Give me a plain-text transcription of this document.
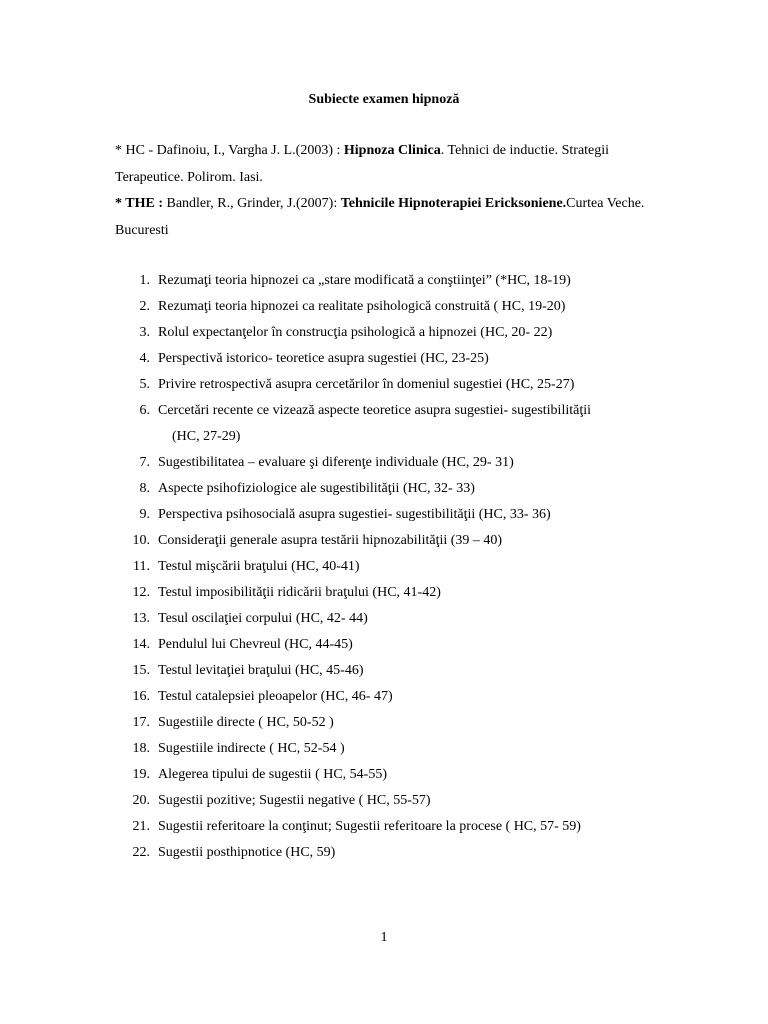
Subiecte examen hipnoză

* HC - Dafinoiu, I., Vargha J. L.(2003) : Hipnoza Clinica. Tehnici de inductie. Strategii Terapeutice. Polirom. Iasi.

* THE : Bandler, R., Grinder, J.(2007): Tehnicile Hipnoterapiei Ericksoniene.Curtea Veche. Bucuresti

1. Rezumaţi teoria hipnozei ca „stare modificată a conştiinţei” (*HC, 18-19)
2. Rezumaţi teoria hipnozei ca realitate psihologică construită ( HC, 19-20)
3. Rolul expectanţelor în construcţia psihologică a hipnozei (HC, 20- 22)
4. Perspectivă istorico- teoretice asupra sugestiei (HC, 23-25)
5. Privire retrospectivă asupra cercetărilor în domeniul sugestiei (HC, 25-27)
6. Cercetări recente ce vizează aspecte teoretice asupra sugestiei- sugestibilităţii
(HC, 27-29)
7. Sugestibilitatea – evaluare şi diferenţe individuale (HC, 29- 31)
8. Aspecte psihofiziologice ale sugestibilităţii (HC, 32- 33)
9. Perspectiva psihosocială asupra sugestiei- sugestibilităţii (HC, 33- 36)
10. Consideraţii generale asupra testării hipnozabilităţii (39 – 40)
11. Testul mişcării braţului (HC, 40-41)
12. Testul imposibilităţii ridicării braţului (HC, 41-42)
13. Tesul oscilaţiei corpului (HC, 42- 44)
14. Pendulul lui Chevreul (HC, 44-45)
15. Testul levitaţiei braţului (HC, 45-46)
16. Testul catalepsiei pleoapelor (HC, 46- 47)
17. Sugestiile directe ( HC, 50-52 )
18. Sugestiile indirecte ( HC, 52-54 )
19. Alegerea tipului de sugestii ( HC, 54-55)
20. Sugestii pozitive; Sugestii negative ( HC, 55-57)
21. Sugestii referitoare la conţinut; Sugestii referitoare la procese ( HC, 57- 59)
22. Sugestii posthipnotice (HC, 59)
1
